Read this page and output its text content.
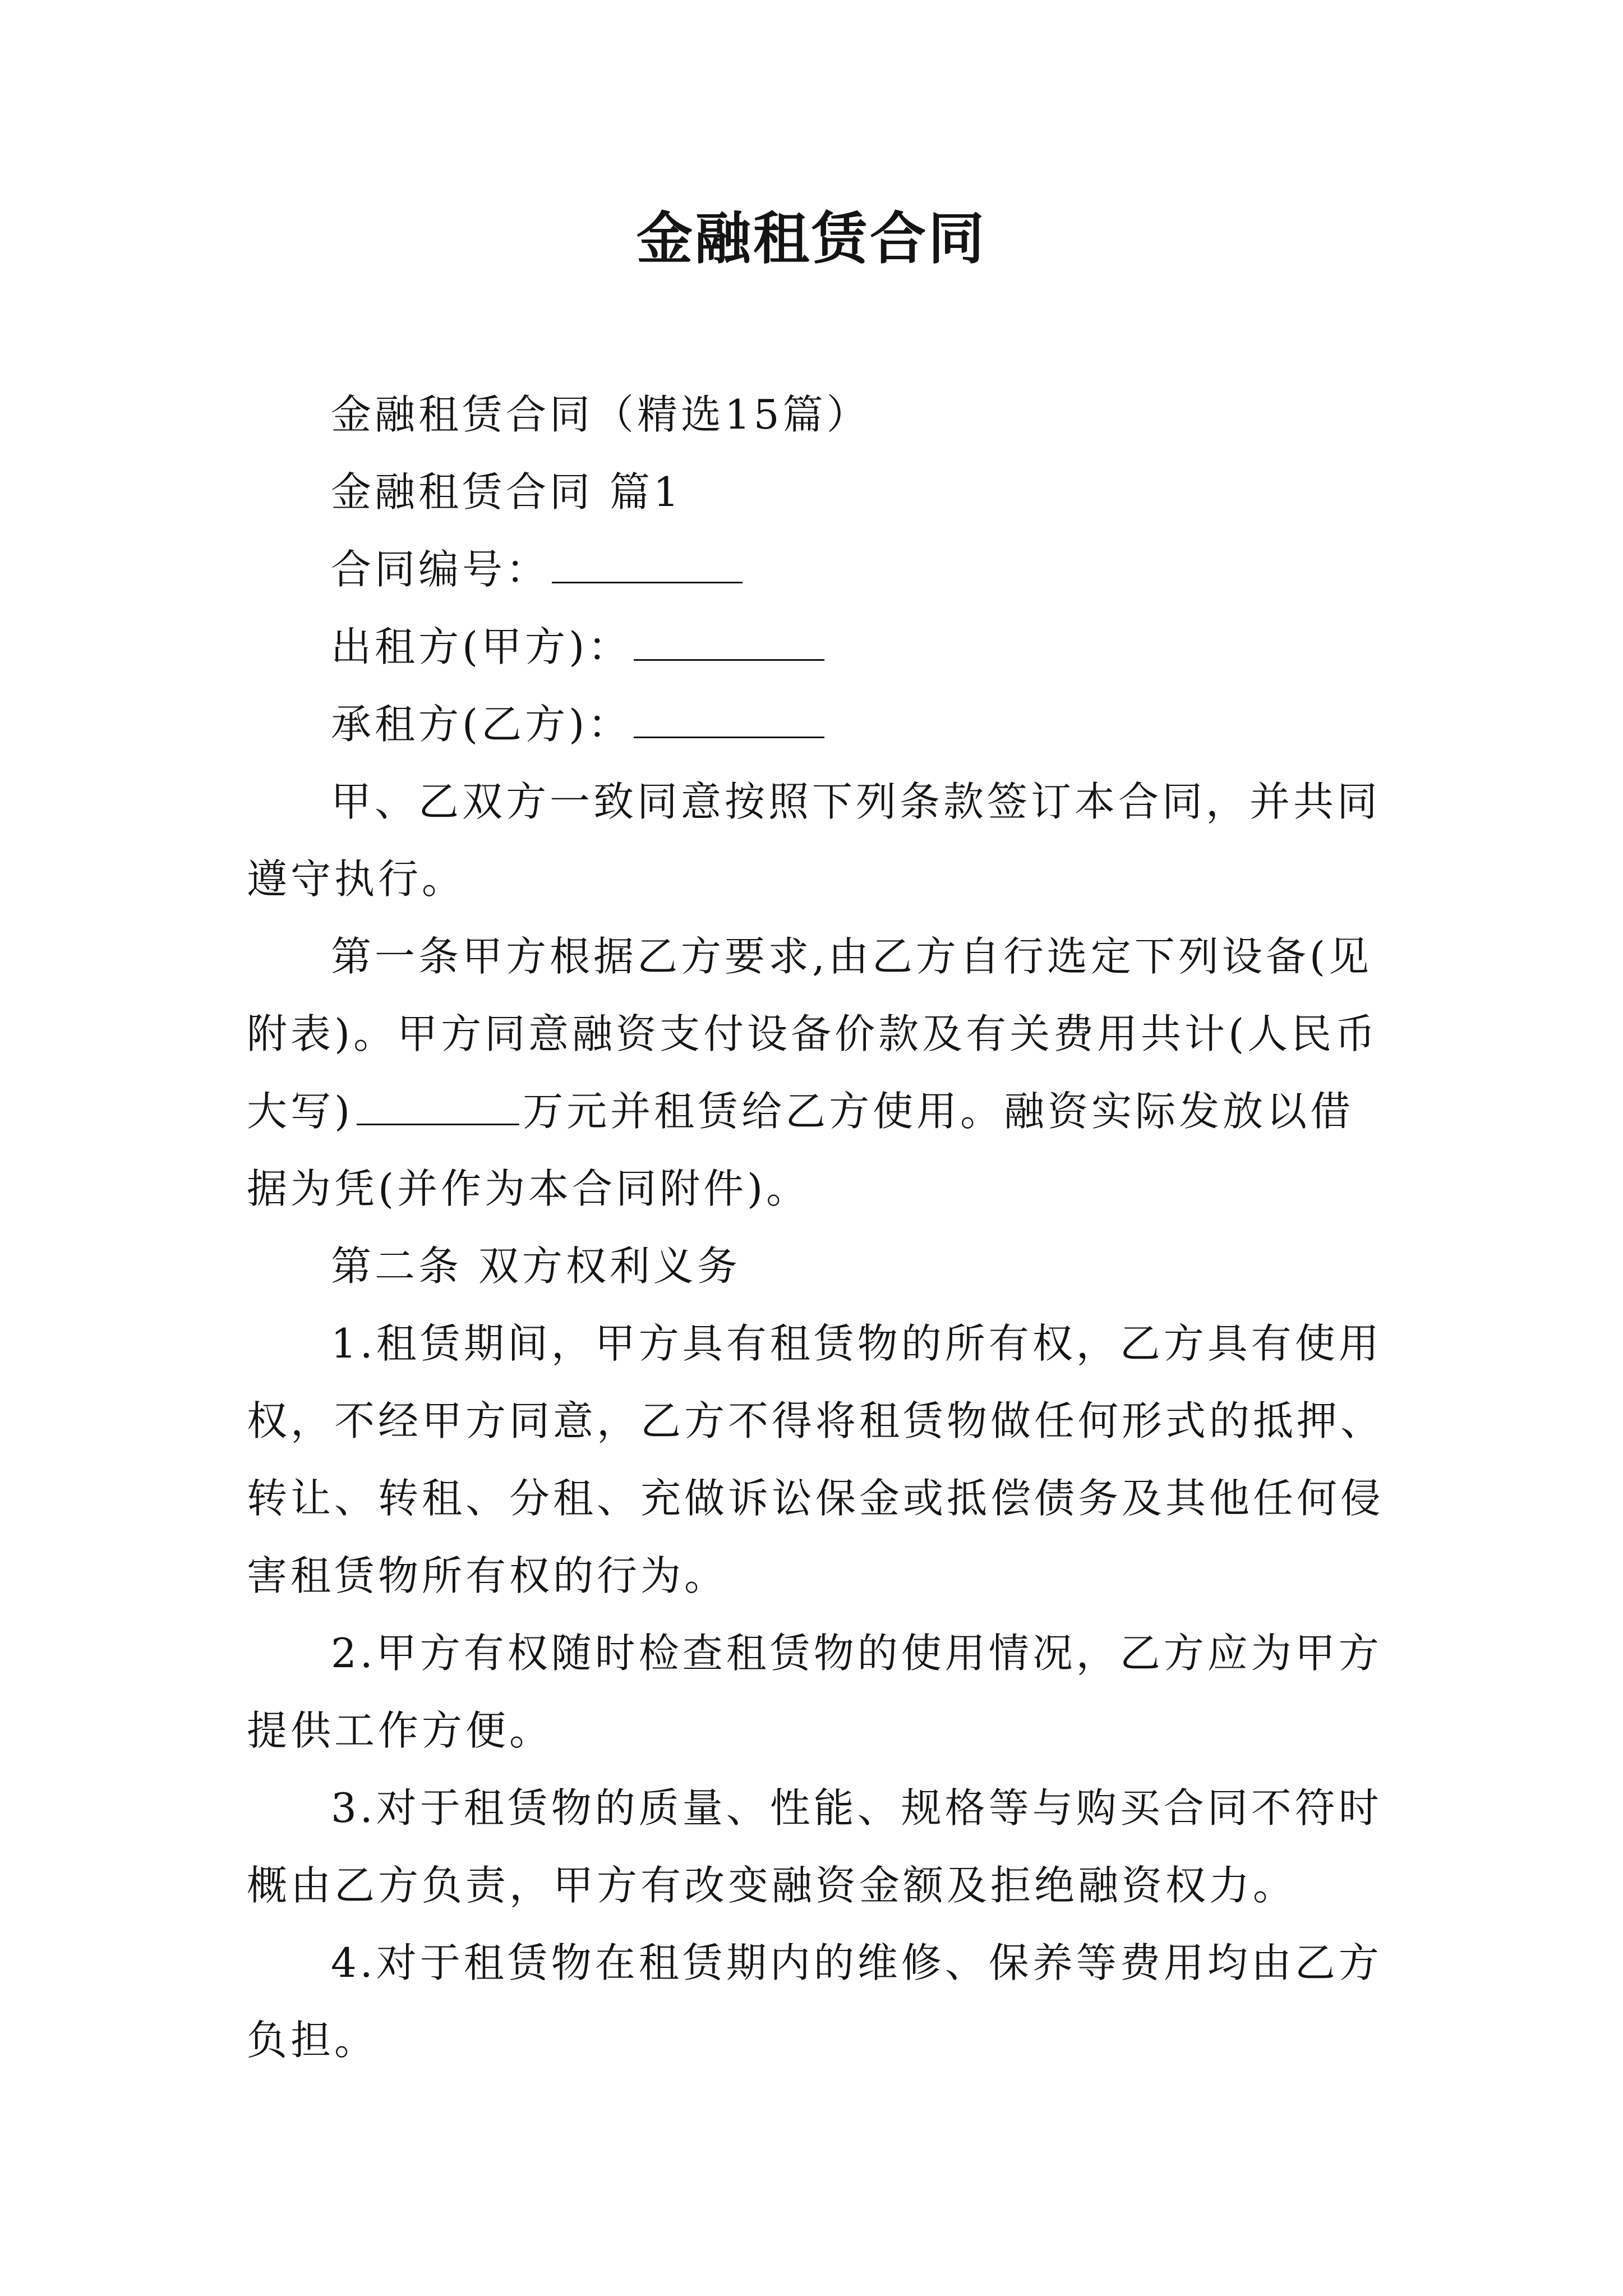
金融租赁合同

金融租赁合同（精选15篇）

金融租赁合同 篇1

合同编号：

出租方(甲方)：

承租方(乙方)：

甲、乙双方一致同意按照下列条款签订本合同，并共同遵守执行。

第一条甲方根据乙方要求,由乙方自行选定下列设备(见附表)。甲方同意融资支付设备价款及有关费用共计(人民币大写)	万元并租赁给乙方使用。融资实际发放以借据为凭(并作为本合同附件)。

第二条 双方权利义务

1.租赁期间，甲方具有租赁物的所有权，乙方具有使用权，不经甲方同意，乙方不得将租赁物做任何形式的抵押、转让、转租、分租、充做诉讼保金或抵偿债务及其他任何侵害租赁物所有权的行为。

2.甲方有权随时检查租赁物的使用情况，乙方应为甲方提供工作方便。

3.对于租赁物的质量、性能、规格等与购买合同不符时概由乙方负责，甲方有改变融资金额及拒绝融资权力。

4.对于租赁物在租赁期内的维修、保养等费用均由乙方负担。
